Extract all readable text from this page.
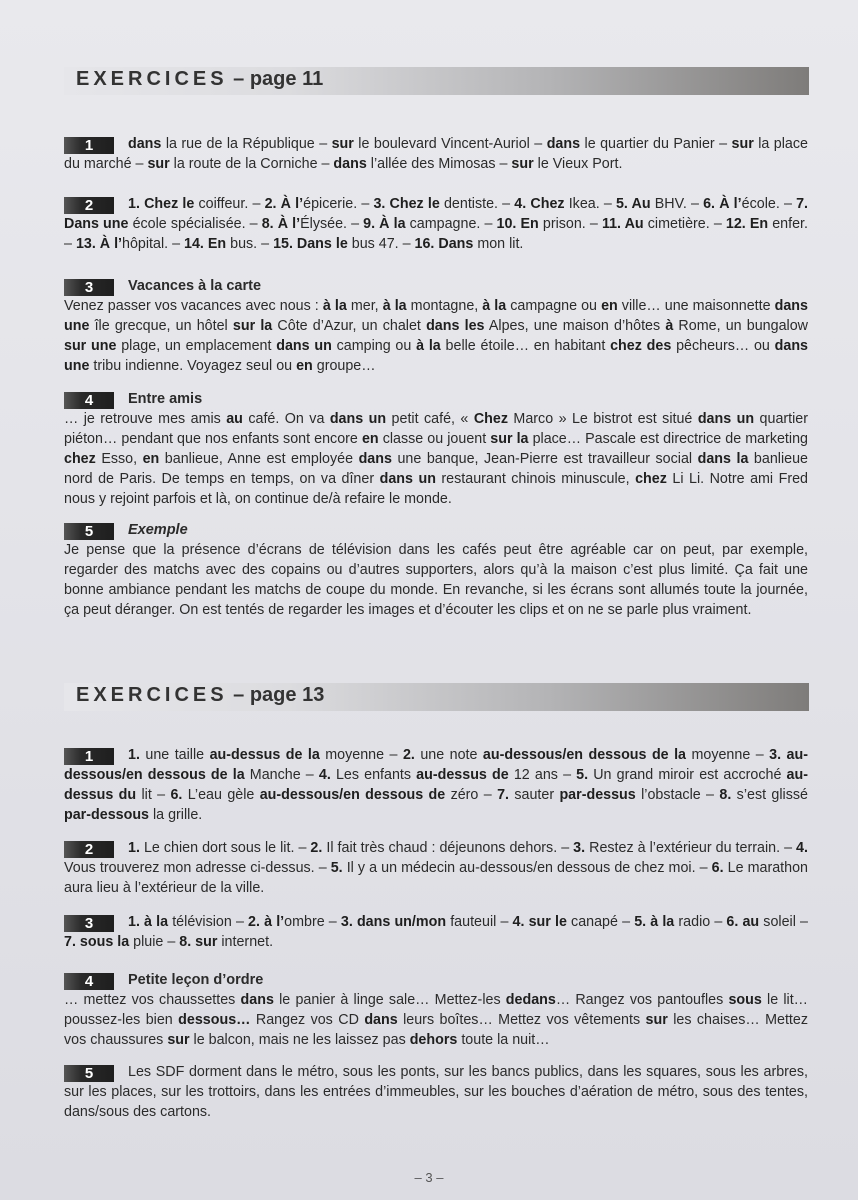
EXERCICES – page 11
1 dans la rue de la République – sur le boulevard Vincent-Auriol – dans le quartier du Panier – sur la place du marché – sur la route de la Corniche – dans l’allée des Mimosas – sur le Vieux Port.
2 1. Chez le coiffeur. – 2. À l’épicerie. – 3. Chez le dentiste. – 4. Chez Ikea. – 5. Au BHV. – 6. À l’école. – 7. Dans une école spécialisée. – 8. À l’Élysée. – 9. À la campagne. – 10. En prison. – 11. Au cimetière. – 12. En enfer. – 13. À l’hôpital. – 14. En bus. – 15. Dans le bus 47. – 16. Dans mon lit.
3 Vacances à la carte
Venez passer vos vacances avec nous : à la mer, à la montagne, à la campagne ou en ville… une maisonnette dans une île grecque, un hôtel sur la Côte d’Azur, un chalet dans les Alpes, une maison d’hôtes à Rome, un bungalow sur une plage, un emplacement dans un camping ou à la belle étoile… en habitant chez des pêcheurs… ou dans une tribu indienne. Voyagez seul ou en groupe…
4 Entre amis
… je retrouve mes amis au café. On va dans un petit café, « Chez Marco » Le bistrot est situé dans un quartier piéton… pendant que nos enfants sont encore en classe ou jouent sur la place… Pascale est directrice de marketing chez Esso, en banlieue, Anne est employée dans une banque, Jean-Pierre est travailleur social dans la banlieue nord de Paris. De temps en temps, on va dîner dans un restaurant chinois minuscule, chez Li Li. Notre ami Fred nous y rejoint parfois et là, on continue de/à refaire le monde.
5 Exemple
Je pense que la présence d’écrans de télévision dans les cafés peut être agréable car on peut, par exemple, regarder des matchs avec des copains ou d’autres supporters, alors qu’à la maison c’est plus limité. Ça fait une bonne ambiance pendant les matchs de coupe du monde. En revanche, si les écrans sont allumés toute la journée, ça peut déranger. On est tentés de regarder les images et d’écouter les clips et on ne se parle plus vraiment.
EXERCICES – page 13
1 1. une taille au-dessus de la moyenne – 2. une note au-dessous/en dessous de la moyenne – 3. au-dessous/en dessous de la Manche – 4. Les enfants au-dessus de 12 ans – 5. Un grand miroir est accroché au-dessus du lit – 6. L’eau gèle au-dessous/en dessous de zéro – 7. sauter par-dessus l’obstacle – 8. s’est glissé par-dessous la grille.
2 1. Le chien dort sous le lit. – 2. Il fait très chaud : déjeunons dehors. – 3. Restez à l’extérieur du terrain. – 4. Vous trouverez mon adresse ci-dessus. – 5. Il y a un médecin au-dessous/en dessous de chez moi. – 6. Le marathon aura lieu à l’extérieur de la ville.
3 1. à la télévision – 2. à l’ombre – 3. dans un/mon fauteuil – 4. sur le canapé – 5. à la radio – 6. au soleil – 7. sous la pluie – 8. sur internet.
4 Petite leçon d’ordre
… mettez vos chaussettes dans le panier à linge sale… Mettez-les dedans… Rangez vos pantoufles sous le lit… poussez-les bien dessous… Rangez vos CD dans leurs boîtes… Mettez vos vêtements sur les chaises… Mettez vos chaussures sur le balcon, mais ne les laissez pas dehors toute la nuit…
5 Les SDF dorment dans le métro, sous les ponts, sur les bancs publics, dans les squares, sous les arbres, sur les places, sur les trottoirs, dans les entrées d’immeubles, sur les bouches d’aération de métro, sous des tentes, dans/sous des cartons.
– 3 –
